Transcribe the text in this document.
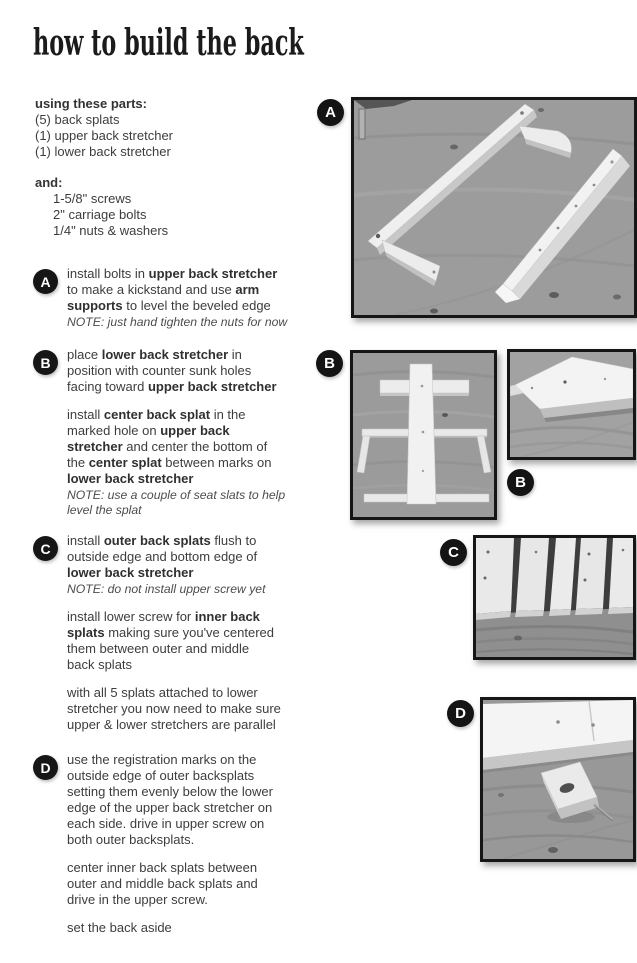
how to build the back
using these parts:
(5) back splats
(1) upper back stretcher
(1) lower back stretcher
and:
1-5/8" screws
2" carriage bolts
1/4" nuts & washers
A	install bolts in upper back stretcher
to make a kickstand and use arm
supports to level the beveled edge
NOTE: just hand tighten the nuts for now
B	place lower back stretcher in
position with counter sunk holes
facing toward upper back stretcher
install center back splat in the
marked hole on upper back
stretcher and center the bottom of
the center splat between marks on
lower back stretcher
NOTE: use a couple of seat slats to help
level the splat
C	install outer back splats flush to
outside edge and bottom edge of
lower back stretcher
NOTE: do not install upper screw yet
install lower screw for inner back
splats making sure you've centered
them between outer and middle
back splats
with all 5 splats attached to lower
stretcher you now need to make sure
upper & lower stretchers are parallel
D	use the registration marks on the
outside edge of outer backsplats
setting them evenly below the lower
edge of the upper back stretcher on
each side. drive in upper screw on
both outer backsplats.
center inner back splats between
outer and middle back splats and
drive in the upper screw.
set the back aside
A
B
B
C
D
